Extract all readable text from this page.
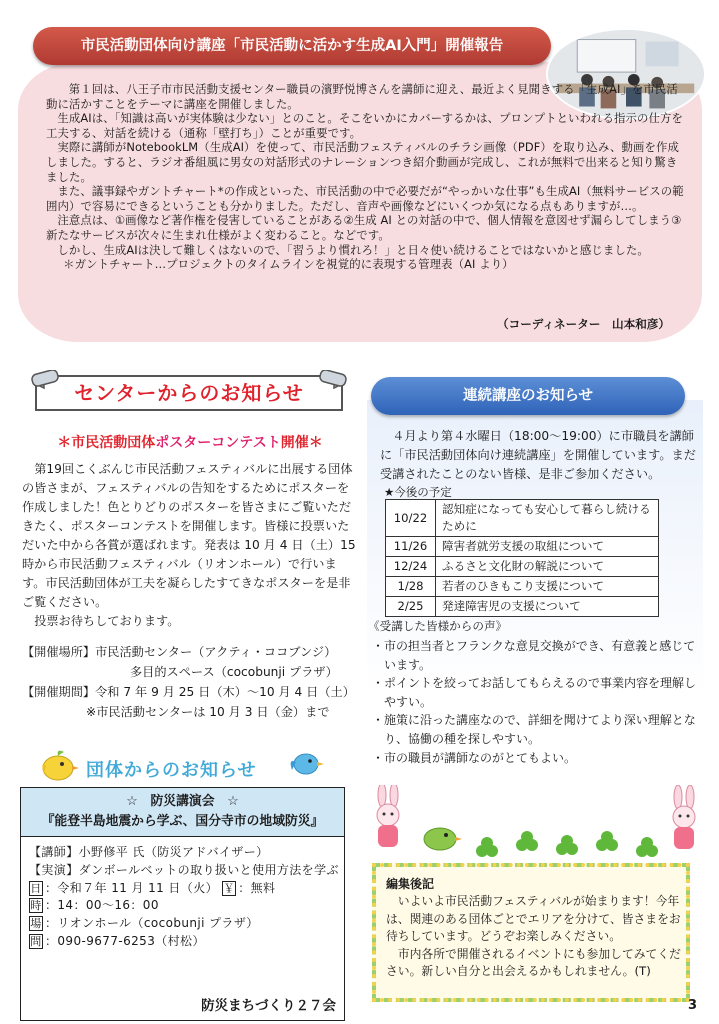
市民活動団体向け講座「市民活動に活かす生成AI入門」開催報告

第１回は、八王子市市民活動支援センター職員の濱野悦博さんを講師に迎え、最近よく見聞きする「生成AI」を市民活動に活かすことをテーマに講座を開催しました。

生成AIは、「知識は高いが実体験は少ない」とのこと。そこをいかにカバーするかは、プロンプトといわれる指示の仕方を工夫する、対話を続ける（通称「壁打ち」）ことが重要です。

実際に講師がNotebookLM（生成AI）を使って、市民活動フェスティバルのチラシ画像（PDF）を取り込み、動画を作成しました。すると、ラジオ番組風に男女の対話形式のナレーションつき紹介動画が完成し、これが無料で出来ると知り驚きました。

また、議事録やガントチャート*の作成といった、市民活動の中で必要だが“やっかいな仕事”も生成AI（無料サービスの範囲内）で容易にできるということも分かりました。ただし、音声や画像などにいくつか気になる点もありますが…。

注意点は、①画像など著作権を侵害していることがある②生成 AI との対話の中で、個人情報を意図せず漏らしてしまう③新たなサービスが次々に生まれ仕様がよく変わること。などです。

しかし、生成AIは決して難しくはないので、「習うより慣れろ！」と日々使い続けることではないかと感じました。

＊ガントチャート…プロジェクトのタイムラインを視覚的に表現する管理表（AI より）

（コーディネーター　山本和彦）
センターからのお知らせ
＊市民活動団体ポスターコンテスト開催＊

第19回こくぶんじ市民活動フェスティバルに出展する団体の皆さまが、フェスティバルの告知をするためにポスターを作成しました！色とりどりのポスターを皆さまにご覧いただきたく、ポスターコンテストを開催します。皆様に投票いただいた中から各賞が選ばれます。発表は 10 月 4 日（土）15 時から市民活動フェスティバル（リオンホール）で行います。市民活動団体が工夫を凝らしたすてきなポスターを是非ご覧ください。

投票お待ちしております。

【開催場所】市民活動センター（アクティ・ココブンジ）
多目的スペース（cocobunji プラザ）
【開催期間】令和 7 年 9 月 25 日（木）〜10 月 4 日（土）
※市民活動センターは 10 月 3 日（金）まで
連続講座のお知らせ

４月より第４水曜日（18:00〜19:00）に市職員を講師に「市民活動団体向け連続講座」を開催しています。まだ受講されたことのない皆様、是非ご参加ください。

★今後の予定
10/22	認知症になっても安心して暮らし続けるために
11/26	障害者就労支援の取組について
12/24	ふるさと文化財の解説について
1/28	若者のひきもこり支援について
2/25	発達障害児の支援について
《受講した皆様からの声》
・市の担当者とフランクな意見交換ができ、有意義と感じています。
・ポイントを絞ってお話してもらえるので事業内容を理解しやすい。
・施策に沿った講座なので、詳細を聞けてより深い理解となり、協働の種を探しやすい。
・市の職員が講師なのがとてもよい。
団体からのお知らせ
☆　防災講演会　☆
『能登半島地震から学ぶ、国分寺市の地域防災』
【講師】小野修平 氏（防災アドバイザー）
【実演】ダンボールベットの取り扱いと使用方法を学ぶ
日 ：令和７年 11 月 11 日（火） ￥ ：無料
時 ：14：00〜16：00
場 ：リオンホール（cocobunji プラザ）
問 ：090-9677-6253（村松）
防災まちづくり２７会
編集後記

いよいよ市民活動フェスティバルが始まります！今年は、関連のある団体ごとでエリアを分けて、皆さまをお待ちしています。どうぞお楽しみください。

市内各所で開催されるイベントにも参加してみてください。新しい自分と出会えるかもしれません。(T)

3
